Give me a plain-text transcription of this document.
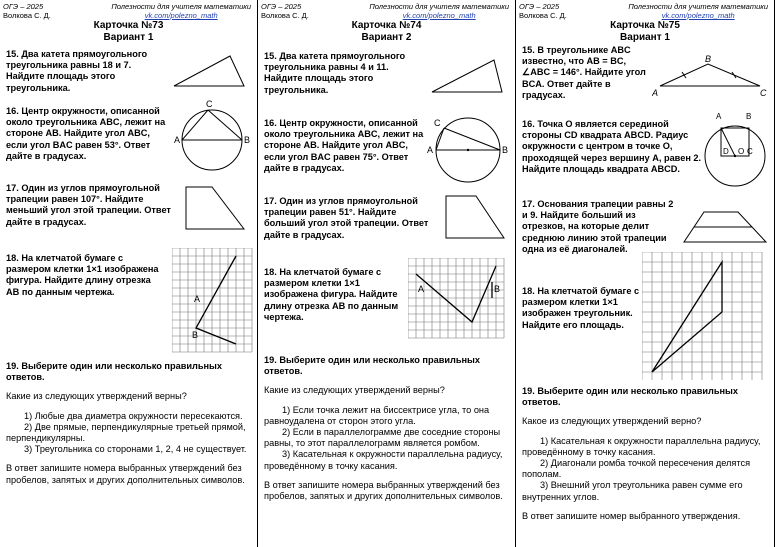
ОГЭ – 2025
Волкова С. Д.
Полезности для учителя математики
vk.com/polezno_math
Карточка №73
Вариант 1
15. Два катета прямоугольного треугольника равны 18 и 7. Найдите площадь этого треугольника.
16. Центр окружности, описанной около треугольника ABC, лежит на стороне AB. Найдите угол ABC, если угол BAC равен 53°. Ответ дайте в градусах.
A	B
C
17. Один из углов прямоугольной трапеции равен 107°. Найдите меньший угол этой трапеции. Ответ дайте в градусах.
18. На клетчатой бумаге с размером клетки 1×1 изображена фигура. Найдите длину отрезка AB по данным чертежа.
A
B
19. Выберите один или несколько правильных ответов.
Какие из следующих утверждений верны?
1) Любые два диаметра окружности пересекаются.
2) Две прямые, перпендикулярные третьей прямой, перпендикулярны.
3) Треугольника со сторонами 1, 2, 4 не существует.
В ответ запишите номера выбранных утверждений без пробелов, запятых и других дополнительных символов.
ОГЭ – 2025
Волкова С. Д.
Полезности для учителя математики
vk.com/polezno_math
Карточка №74
Вариант 2
15. Два катета прямоугольного треугольника равны 4 и 11. Найдите площадь этого треугольника.
16. Центр окружности, описанной около треугольника ABC, лежит на стороне AB. Найдите угол ABC, если угол BAC равен 75°. Ответ дайте в градусах.
A	B
C
17. Один из углов прямоугольной трапеции равен 51°. Найдите больший угол этой трапеции. Ответ дайте в градусах.
18. На клетчатой бумаге с размером клетки 1×1 изображена фигура. Найдите длину отрезка AB по данным чертежа.
A	B
19. Выберите один или несколько правильных ответов.
Какие из следующих утверждений верны?
1) Если точка лежит на биссектрисе угла, то она равноудалена от сторон этого угла.
2) Если в параллелограмме две соседние стороны равны, то этот параллелограмм является ромбом.
3) Касательная к окружности параллельна радиусу, проведённому в точку касания.
В ответ запишите номера выбранных утверждений без пробелов, запятых и других дополнительных символов.
ОГЭ – 2025
Волкова С. Д.
Полезности для учителя математики
vk.com/polezno_math
Карточка №75
Вариант 1
15. В треугольнике ABC известно, что AB = BC, ∠ABC = 146°. Найдите угол BCA. Ответ дайте в градусах.	A
B
C
16. Точка O является серединой стороны CD квадрата ABCD. Радиус окружности с центром в точке O, проходящей через вершину A, равен 2. Найдите площадь квадрата ABCD.
A	B
C
D O
17. Основания трапеции равны 2 и 9. Найдите больший из отрезков, на которые делит среднюю линию этой трапеции одна из её диагоналей.
18. На клетчатой бумаге с размером клетки 1×1 изображен треугольник. Найдите его площадь.
19. Выберите один или несколько правильных ответов.
Какое из следующих утверждений верно?
1) Касательная к окружности параллельна радиусу, проведённому в точку касания.
2) Диагонали ромба точкой пересечения делятся пополам.
3) Внешний угол треугольника равен сумме его внутренних углов.
В ответ запишите номер выбранного утверждения.
